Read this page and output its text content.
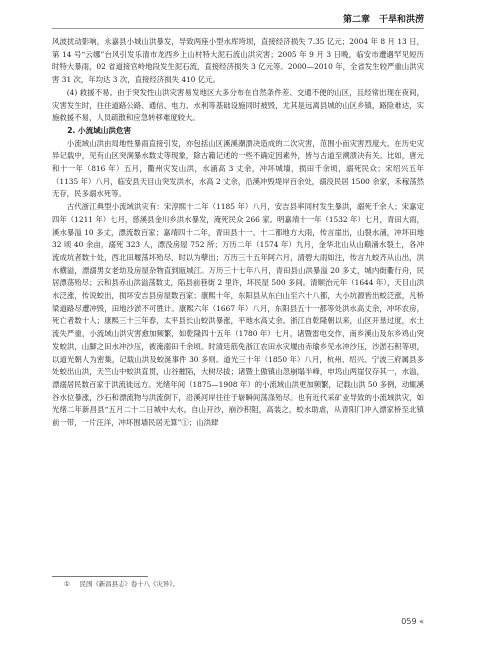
第二章　干旱和洪涝

风波扰动影响，永嘉县小城山洪暴发，导致两座小型水库垮坝，直接经济损失 7.35 亿元；2004 年 8 月 13 日，第 14 号“云娜”台风引发乐清市龙西乡上山村特大泥石流山洪灾害；2005 年 9 月 3 日晚，临安市遭遇罕见短历时特大暴雨，02 省道接官岭地段发生泥石流，直接经济损失 3 亿元等。2000—2010 年，全省发生较严重山洪灾害 31 次，年均达 3 次，直接经济损失 410 亿元。

(4) 救援不易。由于突发性山洪灾害易发地区大多分布在自然条件差、交通不便的山区，且经常出现在夜间，灾害发生时，往往道路公路、通信、电力、水利等基础设施同时被毁，尤其是远离县城的山区乡镇，路险难达，实施救援不易，人员疏散和应急转移难度较大。

2. 小流域山洪危害

小流域山洪由局地性暴雨直接引发，亦包括山区溪溪潮溃决造成的二次灾害，范围小而灾害烈度大。在历史灾异记载中，见有山区突涧暴水数丈等现象，除古籍记述的一些不确定因素外，皆与古道至溯溃决有关。比如，唐元和十一年（816 年）五月，衢州灾发山洪，水涌高 3 丈余，冲坏城墙，损田千余顷，溺死民众；宋绍兴五年（1135 年）八月，临安县天目山突发洪水，水高 2 丈余，沿溪冲毁堤岸百余处，溺没民居 1500 余家，禾稼荡然无存，民多溺水死等。

古代浙江典型小流域洪灾有：宋淳熙十二年（1185 年）八月，安吉县率同村发生暴洪，溺死千余人；宋嘉定四年（1211 年）七月，慈溪县金川乡洪水暴发，淹死民众 266 家。明嘉靖十一年（1532 年）七月，青田大雨，溪水暴溢 10 多丈，漂流数百家；嘉靖四十二年，青田县十一、十二都地方大雨，传言崖出，山裂水涌，冲坏田地 32 顷 40 余亩，溺死 323 人，漂没房屋 752 所；万历二年（1574 年）九月，金华北山从山巅涌水裂土，各冲流成坑者数十处，西北田堰荡坏殆尽，时以为孽出；万历三十五年阿六月，清碧大雨如注，传言九蛟齐从山出，洪水横溢，漂溺男女老幼及房屋杂物直到瓯城江。万历三十七年八月，青田县山洪暴溢 20 多丈，城内街衢行舟，民居漂荡殆尽；云和县赤山洪溢荡数丈，陷县前巷街 2 里许，坏民屋 500 多间。清顺治元年（1644 年），天目山洪水泛涨，传说蛟出，损坏安吉县房屋数百家；康熙十年，东阳县从东白山至六十八都，大小坑源皆出蛟泛涨，凡桥梁道路尽遭冲毁，田地沙淤不可胜计。康熙六年（1667 年）八月，东阳县五十一都等处洪水高丈余，冲坏农房，死亡者数十人；康熙三十三年春，太平县长山蛟洪暴涨，平地水高丈余。浙江自乾隆朝以来，山区开垦过度，水土流失严重，小流域山洪灾害愈加频繁，如乾隆四十五年（1780 年）七月，诸暨雷电交作，南乡溪山及东乡鸡山突发蛟洪，山脚之田水冲沙压，被淹溺田千余顷。时清廷筋免浙江农田水灾堰由赤瑜乡见水冲沙压，沙淤石积等项，以道光朝人为密集，记载山洪及蛟涎事件 30 多则。道光三十年（1850 年）八月，杭州、绍兴、宁波三府属县多处蛟出山洪，天竺山中蛟洪直贯，山谷摧陷，大树尽拔；诸暨上傲镇山忽崩塌半峰，申坞山两崖仅存其一，水溢，漂溺居民数百家于洪流徙远方。光绪年间（1875—1908 年）的小流域山洪更加频繁，记载山洪 50 多例，动辄溪谷水位暴涨，沙石和漂流物与洪流倒下，沿溪河岸往往于崭瞬间荡涤殆尽。也有近代采矿业导致的小流域洪灾，如光绪二年新昌县“五月二十二日城中大水。自山开沙，崩沙积阻，高装之，蛟水助虐，从青阳门冲入漂家桥至北镇前一带，一片汪洋，冲坏围墙民居无算”①；山洪肆

① 民国《新昌县志》卷十八《灾异》。
059 «
